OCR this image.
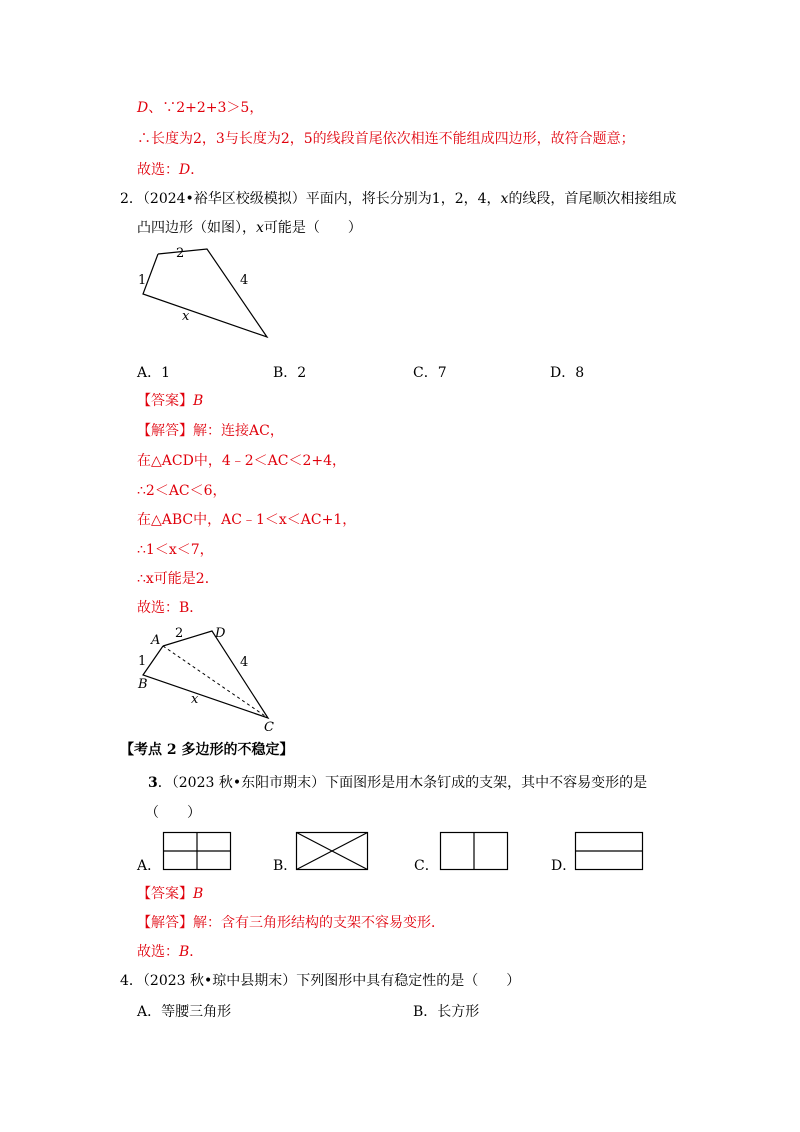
D、∵2+2+3＞5，
∴长度为2，3与长度为2，5的线段首尾依次相连不能组成四边形，故符合题意；
故选：D．
2．（2024•裕华区校级模拟）平面内，将长分别为1，2，4，x的线段，首尾顺次相接组成
凸四边形（如图），x可能是（　　）
1
2
4
x
A．1	B．2	C．7	D．8
【答案】B
【解答】解：连接AC，
在△ACD中，4﹣2＜AC＜2+4，
∴2＜AC＜6，
在△ABC中，AC﹣1＜x＜AC+1，
∴1＜x＜7，
∴x可能是2．
故选：B．
A	D
B
C
1
2
4
x
【考点 2 多边形的不稳定】
3．（2023 秋•东阳市期末）下面图形是用木条钉成的支架，其中不容易变形的是
（　　）
A．	B．	C．	D．
【答案】B
【解答】解：含有三角形结构的支架不容易变形．
故选：B．
4．（2023 秋•琼中县期末）下列图形中具有稳定性的是（　　）
A．等腰三角形	B．长方形
